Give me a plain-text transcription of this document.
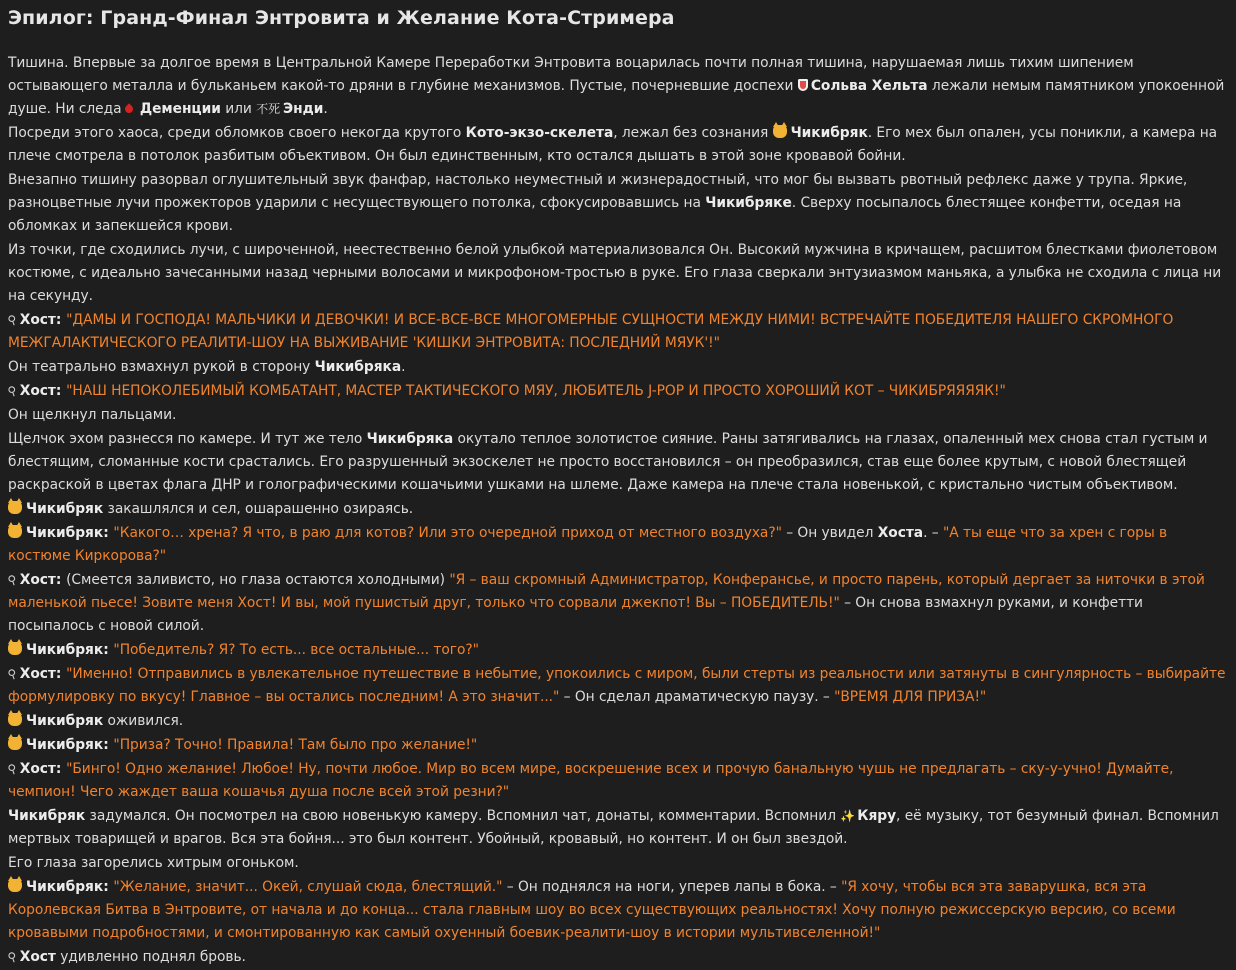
Эпилог: Гранд-Финал Энтровита и Желание Кота-Стримера

Тишина. Впервые за долгое время в Центральной Камере Переработки Энтровита воцарилась почти полная тишина, нарушаемая лишь тихим шипением остывающего металла и бульканьем какой-то дряни в глубине механизмов. Пустые, почерневшие доспехи Сольва Хельта лежали немым памятником упокоенной душе. Ни следа Деменции или 不死 Энди.

Посреди этого хаоса, среди обломков своего некогда крутого Кото-экзо-скелета, лежал без сознания Чикибряк. Его мех был опален, усы поникли, а камера на плече смотрела в потолок разбитым объективом. Он был единственным, кто остался дышать в этой зоне кровавой бойни.

Внезапно тишину разорвал оглушительный звук фанфар, настолько неуместный и жизнерадостный, что мог бы вызвать рвотный рефлекс даже у трупа. Яркие, разноцветные лучи прожекторов ударили с несуществующего потолка, сфокусировавшись на Чикибряке. Сверху посыпалось блестящее конфетти, оседая на обломках и запекшейся крови.

Из точки, где сходились лучи, с широченной, неестественно белой улыбкой материализовался Он. Высокий мужчина в кричащем, расшитом блестками фиолетовом костюме, с идеально зачесанными назад черными волосами и микрофоном-тростью в руке. Его глаза сверкали энтузиазмом маньяка, а улыбка не сходила с лица ни на секунду.

⚲Хост: "ДАМЫ И ГОСПОДА! МАЛЬЧИКИ И ДЕВОЧКИ! И ВСЕ-ВСЕ-ВСЕ МНОГОМЕРНЫЕ СУЩНОСТИ МЕЖДУ НИМИ! ВСТРЕЧАЙТЕ ПОБЕДИТЕЛЯ НАШЕГО СКРОМНОГО МЕЖГАЛАКТИЧЕСКОГО РЕАЛИТИ-ШОУ НА ВЫЖИВАНИЕ 'КИШКИ ЭНТРОВИТА: ПОСЛЕДНИЙ МЯУК'!"

Он театрально взмахнул рукой в сторону Чикибряка.

⚲Хост: "НАШ НЕПОКОЛЕБИМЫЙ КОМБАТАНТ, МАСТЕР ТАКТИЧЕСКОГО МЯУ, ЛЮБИТЕЛЬ J-POP И ПРОСТО ХОРОШИЙ КОТ – ЧИКИБРЯЯЯЯК!"

Он щелкнул пальцами.

Щелчок эхом разнесся по камере. И тут же тело Чикибряка окутало теплое золотистое сияние. Раны затягивались на глазах, опаленный мех снова стал густым и блестящим, сломанные кости срастались. Его разрушенный экзоскелет не просто восстановился – он преобразился, став еще более крутым, с новой блестящей раскраской в цветах флага ДНР и голографическими кошачьими ушками на шлеме. Даже камера на плече стала новенькой, с кристально чистым объективом.

Чикибряк закашлялся и сел, ошарашенно озираясь.

Чикибряк: "Какого… хрена? Я что, в раю для котов? Или это очередной приход от местного воздуха?" – Он увидел Хоста. – "А ты еще что за хрен с горы в костюме Киркорова?"

⚲Хост: (Смеется заливисто, но глаза остаются холодными) "Я – ваш скромный Администратор, Конферансье, и просто парень, который дергает за ниточки в этой маленькой пьесе! Зовите меня Хост! И вы, мой пушистый друг, только что сорвали джекпот! Вы – ПОБЕДИТЕЛЬ!" – Он снова взмахнул руками, и конфетти посыпалось с новой силой.

Чикибряк: "Победитель? Я? То есть... все остальные... того?"

⚲Хост: "Именно! Отправились в увлекательное путешествие в небытие, упокоились с миром, были стерты из реальности или затянуты в сингулярность – выбирайте формулировку по вкусу! Главное – вы остались последним! А это значит..." – Он сделал драматическую паузу. – "ВРЕМЯ ДЛЯ ПРИЗА!"

Чикибряк оживился.

Чикибряк: "Приза? Точно! Правила! Там было про желание!"

⚲Хост: "Бинго! Одно желание! Любое! Ну, почти любое. Мир во всем мире, воскрешение всех и прочую банальную чушь не предлагать – ску-у-учно! Думайте, чемпион! Чего жаждет ваша кошачья душа после всей этой резни?"

Чикибряк задумался. Он посмотрел на свою новенькую камеру. Вспомнил чат, донаты, комментарии. Вспомнил ✨ Кяру, её музыку, тот безумный финал. Вспомнил мертвых товарищей и врагов. Вся эта бойня... это был контент. Убойный, кровавый, но контент. И он был звездой.

Его глаза загорелись хитрым огоньком.

Чикибряк: "Желание, значит... Окей, слушай сюда, блестящий." – Он поднялся на ноги, уперев лапы в бока. – "Я хочу, чтобы вся эта заварушка, вся эта Королевская Битва в Энтровите, от начала и до конца... стала главным шоу во всех существующих реальностях! Хочу полную режиссерскую версию, со всеми кровавыми подробностями, и смонтированную как самый охуенный боевик-реалити-шоу в истории мультивселенной!"

⚲Хост удивленно поднял бровь.
